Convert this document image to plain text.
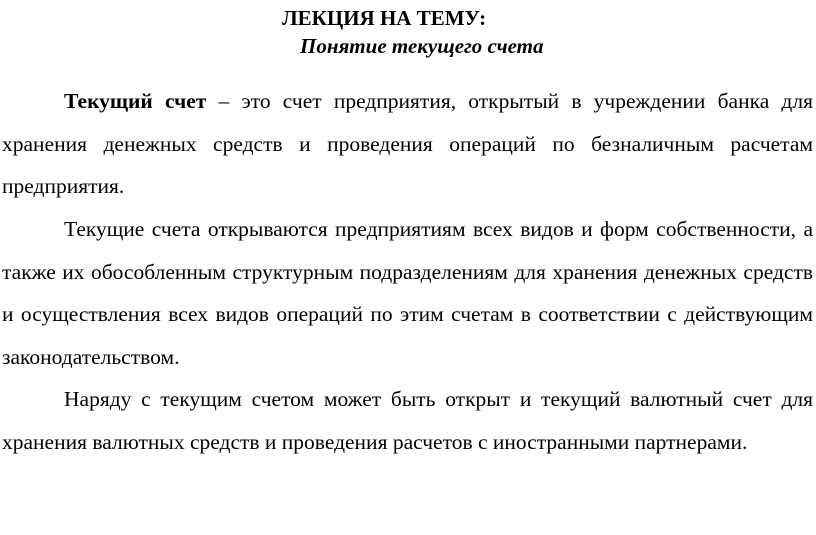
ЛЕКЦИЯ НА ТЕМУ:
Понятие текущего счета

Текущий счет – это счет предприятия, открытый в учреждении банка для хранения денежных средств и проведения операций по безналичным расчетам предприятия.

Текущие счета открываются предприятиям всех видов и форм собственности, а также их обособленным структурным подразделениям для хранения денежных средств и осуществления всех видов операций по этим счетам в соответствии с действующим законодательством.

Наряду с текущим счетом может быть открыт и текущий валютный счет для хранения валютных средств и проведения расчетов с иностранными партнерами.
